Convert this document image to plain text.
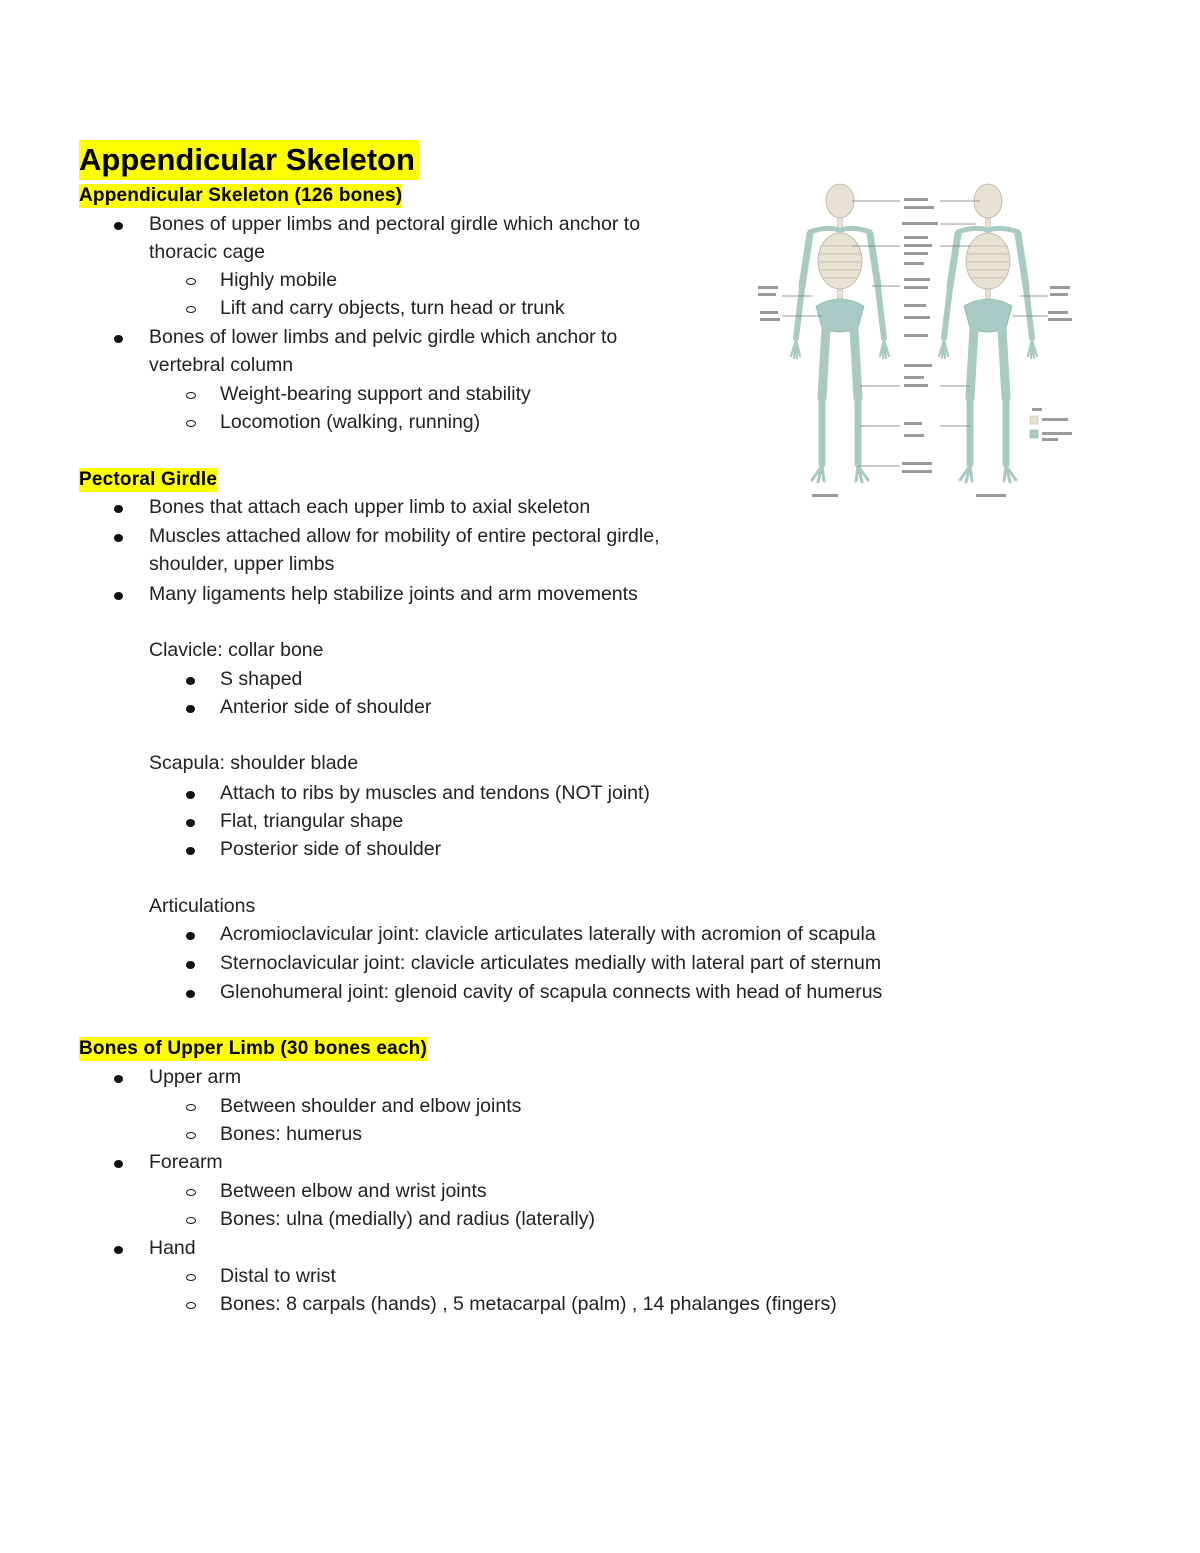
Appendicular Skeleton
Appendicular Skeleton (126 bones)
Bones of upper limbs and pectoral girdle which anchor to
thoracic cage
Highly mobile
Lift and carry objects, turn head or trunk
Bones of lower limbs and pelvic girdle which anchor to
vertebral column
Weight-bearing support and stability
Locomotion (walking, running)
Pectoral Girdle
Bones that attach each upper limb to axial skeleton
Muscles attached allow for mobility of entire pectoral girdle,
shoulder, upper limbs
Many ligaments help stabilize joints and arm movements
Clavicle: collar bone
S shaped
Anterior side of shoulder
Scapula: shoulder blade
Attach to ribs by muscles and tendons (NOT joint)
Flat, triangular shape
Posterior side of shoulder
Articulations
Acromioclavicular joint: clavicle articulates laterally with acromion of scapula
Sternoclavicular joint: clavicle articulates medially with lateral part of sternum
Glenohumeral joint: glenoid cavity of scapula connects with head of humerus
Bones of Upper Limb (30 bones each)
Upper arm
Between shoulder and elbow joints
Bones: humerus
Forearm
Between elbow and wrist joints
Bones: ulna (medially) and radius (laterally)
Hand
Distal to wrist
Bones: 8 carpals (hands) , 5 metacarpal (palm) , 14 phalanges (fingers)
